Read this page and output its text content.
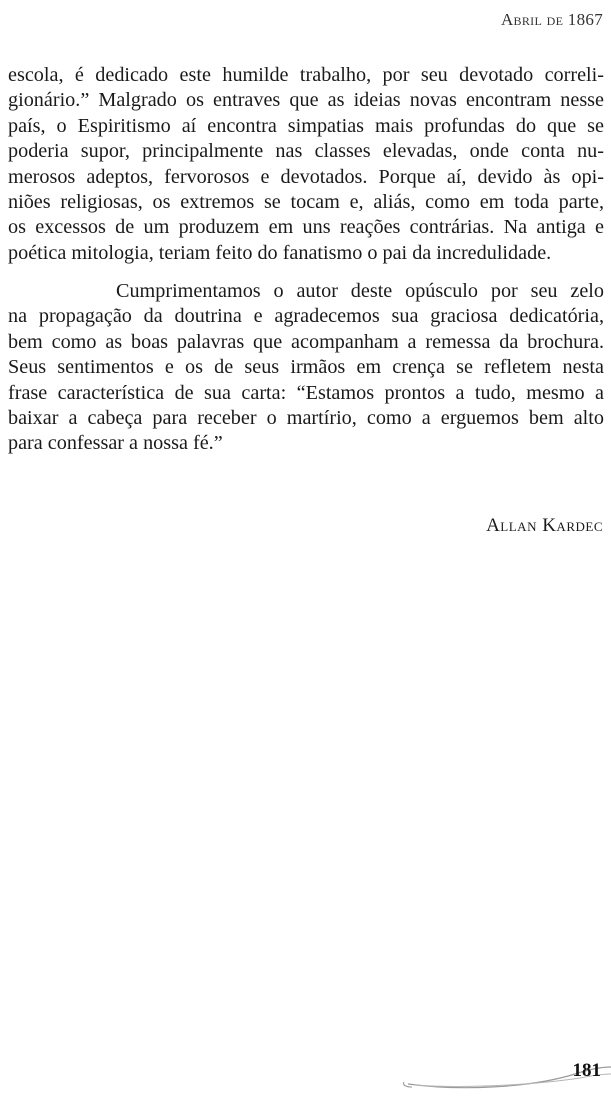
Abril de 1867
escola, é dedicado este humilde trabalho, por seu devotado correli-
gionário.” Malgrado os entraves que as ideias novas encontram nesse
país, o Espiritismo aí encontra simpatias mais profundas do que se
poderia supor, principalmente nas classes elevadas, onde conta nu-
merosos adeptos, fervorosos e devotados. Porque aí, devido às opi-
niões religiosas, os extremos se tocam e, aliás, como em toda parte,
os excessos de um produzem em uns reações contrárias. Na antiga e
poética mitologia, teriam feito do fanatismo o pai da incredulidade.
Cumprimentamos o autor deste opúsculo por seu zelo
na propagação da doutrina e agradecemos sua graciosa dedicatória,
bem como as boas palavras que acompanham a remessa da brochura.
Seus sentimentos e os de seus irmãos em crença se refletem nesta
frase característica de sua carta: “Estamos prontos a tudo, mesmo a
baixar a cabeça para receber o martírio, como a erguemos bem alto
para confessar a nossa fé.”
Allan Kardec
181
